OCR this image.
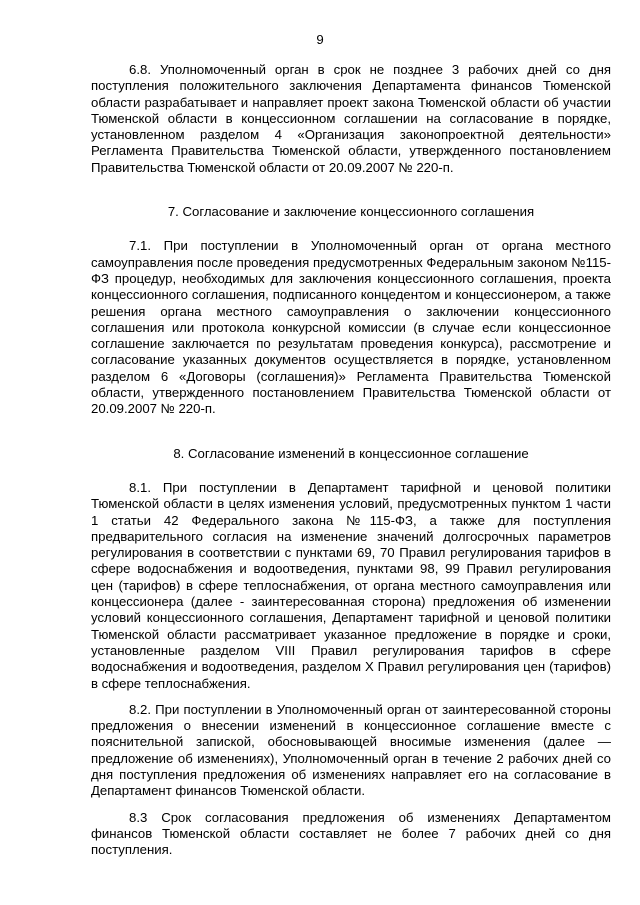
9

6.8. Уполномоченный орган в срок не позднее 3 рабочих дней со дня поступления положительного заключения Департамента финансов Тюменской области разрабатывает и направляет проект закона Тюменской области об участии Тюменской области в концессионном соглашении на согласование в порядке, установленном разделом 4 «Организация законопроектной деятельности» Регламента Правительства Тюменской области, утвержденного постановлением Правительства Тюменской области от 20.09.2007 № 220-п.

7. Согласование и заключение концессионного соглашения

7.1. При поступлении в Уполномоченный орган от органа местного самоуправления после проведения предусмотренных Федеральным законом №115-ФЗ процедур, необходимых для заключения концессионного соглашения, проекта концессионного соглашения, подписанного концедентом и концессионером, а также решения органа местного самоуправления о заключении концессионного соглашения или протокола конкурсной комиссии (в случае если концессионное соглашение заключается по результатам проведения конкурса), рассмотрение и согласование указанных документов осуществляется в порядке, установленном разделом 6 «Договоры (соглашения)» Регламента Правительства Тюменской области, утвержденного постановлением Правительства Тюменской области от 20.09.2007 № 220-п.

8. Согласование изменений в концессионное соглашение

8.1. При поступлении в Департамент тарифной и ценовой политики Тюменской области в целях изменения условий, предусмотренных пунктом 1 части 1 статьи 42 Федерального закона №115-ФЗ, а также для поступления предварительного согласия на изменение значений долгосрочных параметров регулирования в соответствии с пунктами 69, 70 Правил регулирования тарифов в сфере водоснабжения и водоотведения, пунктами 98, 99 Правил регулирования цен (тарифов) в сфере теплоснабжения, от органа местного самоуправления или концессионера (далее - заинтересованная сторона) предложения об изменении условий концессионного соглашения, Департамент тарифной и ценовой политики Тюменской области рассматривает указанное предложение в порядке и сроки, установленные разделом VIII Правил регулирования тарифов в сфере водоснабжения и водоотведения, разделом X Правил регулирования цен (тарифов) в сфере теплоснабжения.

8.2. При поступлении в Уполномоченный орган от заинтересованной стороны предложения о внесении изменений в концессионное соглашение вместе с пояснительной запиской, обосновывающей вносимые изменения (далее — предложение об изменениях), Уполномоченный орган в течение 2 рабочих дней со дня поступления предложения об изменениях направляет его на согласование в Департамент финансов Тюменской области.

8.3 Срок согласования предложения об изменениях Департаментом финансов Тюменской области составляет не более 7 рабочих дней со дня поступления.
